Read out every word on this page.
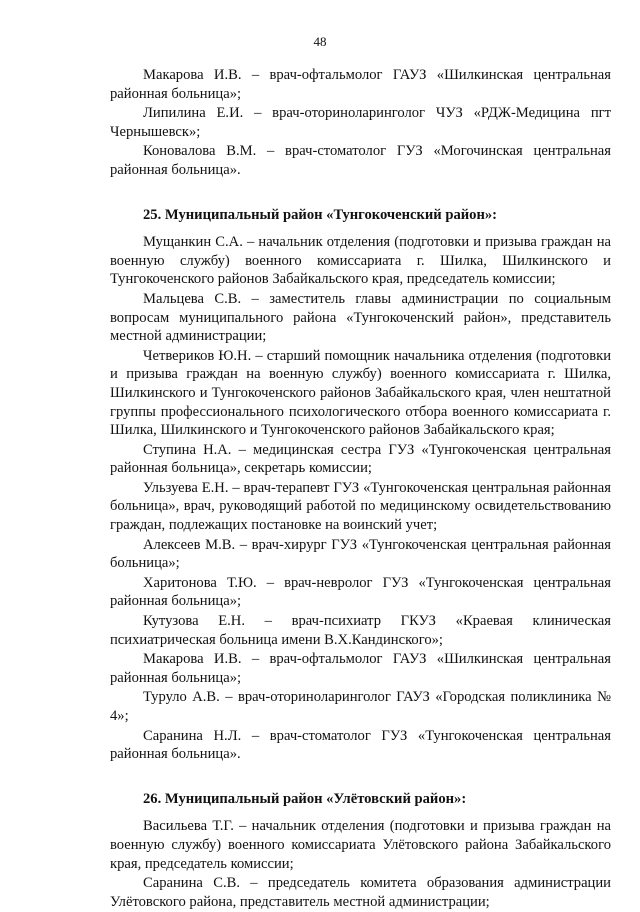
48

Макарова И.В. – врач-офтальмолог ГАУЗ «Шилкинская центральная районная больница»;

Липилина Е.И. – врач-оториноларинголог ЧУЗ «РДЖ-Медицина пгт Чернышевск»;

Коновалова В.М. – врач-стоматолог ГУЗ «Могочинская центральная районная больница».

25. Муниципальный район «Тунгокоченский район»:

Мущанкин С.А. – начальник отделения (подготовки и призыва граждан на военную службу) военного комиссариата г. Шилка, Шилкинского и Тунгокоченского районов Забайкальского края, председатель комиссии;

Мальцева С.В. – заместитель главы администрации по социальным вопросам муниципального района «Тунгокоченский район», представитель местной администрации;

Четвериков Ю.Н. – старший помощник начальника отделения (подготовки и призыва граждан на военную службу) военного комиссариата г. Шилка, Шилкинского и Тунгокоченского районов Забайкальского края, член нештатной группы профессионального психологического отбора военного комиссариата г. Шилка, Шилкинского и Тунгокоченского районов Забайкальского края;

Ступина Н.А. – медицинская сестра ГУЗ «Тунгокоченская центральная районная больница», секретарь комиссии;

Ульзуева Е.Н. – врач-терапевт ГУЗ «Тунгокоченская центральная районная больница», врач, руководящий работой по медицинскому освидетельствованию граждан, подлежащих постановке на воинский учет;

Алексеев М.В. – врач-хирург ГУЗ «Тунгокоченская центральная районная больница»;

Харитонова Т.Ю. – врач-невролог ГУЗ «Тунгокоченская центральная районная больница»;

Кутузова Е.Н. – врач-психиатр ГКУЗ «Краевая клиническая психиатрическая больница имени В.Х.Кандинского»;

Макарова И.В. – врач-офтальмолог ГАУЗ «Шилкинская центральная районная больница»;

Туруло А.В. – врач-оториноларинголог ГАУЗ «Городская поликлиника № 4»;

Саранина Н.Л. – врач-стоматолог ГУЗ «Тунгокоченская центральная районная больница».

26. Муниципальный район «Улётовский район»:

Васильева Т.Г. – начальник отделения (подготовки и призыва граждан на военную службу) военного комиссариата Улётовского района Забайкальского края, председатель комиссии;

Саранина С.В. – председатель комитета образования администрации Улётовского района, представитель местной администрации;
